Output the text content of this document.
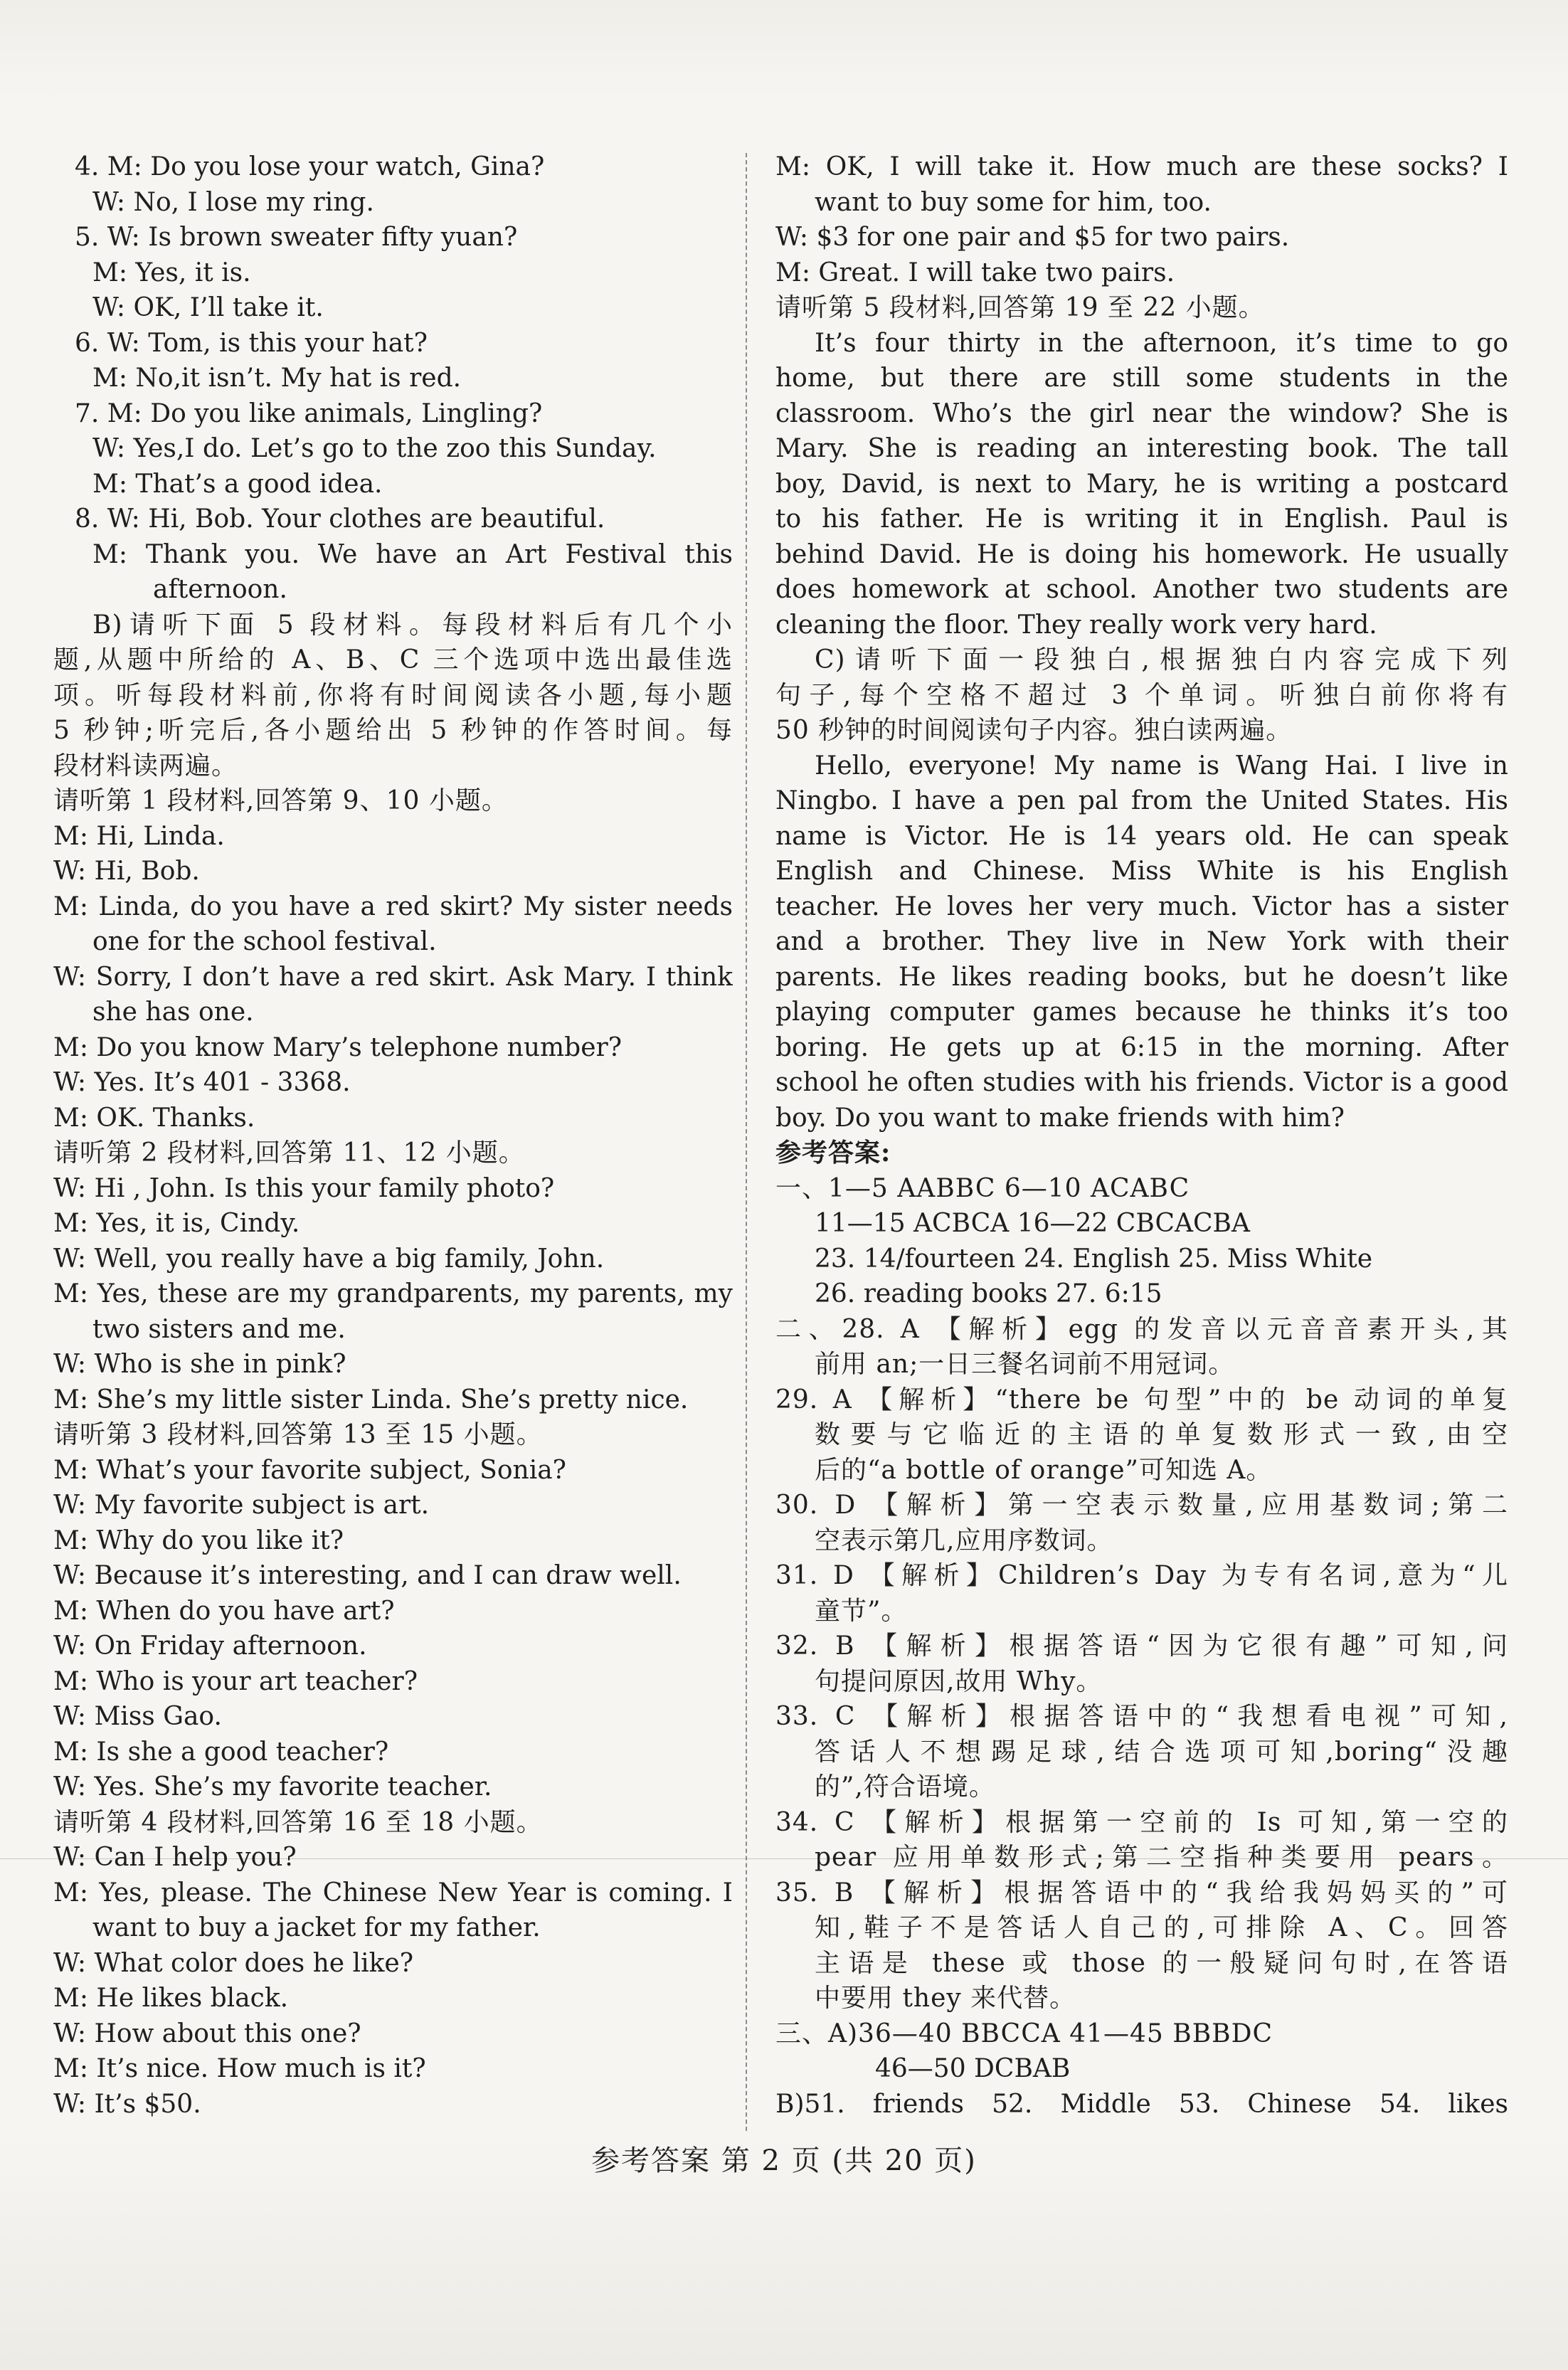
4. M: Do you lose your watch, Gina?
W: No, I lose my ring.
5. W: Is brown sweater fifty yuan?
M: Yes, it is.
W: OK, I’ll take it.
6. W: Tom, is this your hat?
M: No,it isn’t. My hat is red.
7. M: Do you like animals, Lingling?
W: Yes,I do. Let’s go to the zoo this Sunday.
M: That’s a good idea.
8. W: Hi, Bob. Your clothes are beautiful.
M: Thank you. We have an Art Festival this
afternoon.
B)请听下面 5 段材料。每段材料后有几个小
题,从题中所给的 A、B、C 三个选项中选出最佳选
项。听每段材料前,你将有时间阅读各小题,每小题
5 秒钟;听完后,各小题给出 5 秒钟的作答时间。每
段材料读两遍。
请听第 1 段材料,回答第 9、10 小题。
M: Hi, Linda.
W: Hi, Bob.
M: Linda, do you have a red skirt? My sister needs
one for the school festival.
W: Sorry, I don’t have a red skirt. Ask Mary. I think
she has one.
M: Do you know Mary’s telephone number?
W: Yes. It’s 401 - 3368.
M: OK. Thanks.
请听第 2 段材料,回答第 11、12 小题。
W: Hi , John. Is this your family photo?
M: Yes, it is, Cindy.
W: Well, you really have a big family, John.
M: Yes, these are my grandparents, my parents, my
two sisters and me.
W: Who is she in pink?
M: She’s my little sister Linda. She’s pretty nice.
请听第 3 段材料,回答第 13 至 15 小题。
M: What’s your favorite subject, Sonia?
W: My favorite subject is art.
M: Why do you like it?
W: Because it’s interesting, and I can draw well.
M: When do you have art?
W: On Friday afternoon.
M: Who is your art teacher?
W: Miss Gao.
M: Is she a good teacher?
W: Yes. She’s my favorite teacher.
请听第 4 段材料,回答第 16 至 18 小题。
W: Can I help you?
M: Yes, please. The Chinese New Year is coming. I
want to buy a jacket for my father.
W: What color does he like?
M: He likes black.
W: How about this one?
M: It’s nice. How much is it?
W: It’s $50.
M: OK, I will take it. How much are these socks? I
want to buy some for him, too.
W: $3 for one pair and $5 for two pairs.
M: Great. I will take two pairs.
请听第 5 段材料,回答第 19 至 22 小题。
It’s four thirty in the afternoon, it’s time to go
home, but there are still some students in the
classroom. Who’s the girl near the window? She is
Mary. She is reading an interesting book. The tall
boy, David, is next to Mary, he is writing a postcard
to his father. He is writing it in English. Paul is
behind David. He is doing his homework. He usually
does homework at school. Another two students are
cleaning the floor. They really work very hard.
C)请听下面一段独白,根据独白内容完成下列
句子,每个空格不超过 3 个单词。听独白前你将有
50 秒钟的时间阅读句子内容。独白读两遍。
Hello, everyone! My name is Wang Hai. I live in
Ningbo. I have a pen pal from the United States. His
name is Victor. He is 14 years old. He can speak
English and Chinese. Miss White is his English
teacher. He loves her very much. Victor has a sister
and a brother. They live in New York with their
parents. He likes reading books, but he doesn’t like
playing computer games because he thinks it’s too
boring. He gets up at 6:15 in the morning. After
school he often studies with his friends. Victor is a good
boy. Do you want to make friends with him?
参考答案:
一、1—5 AABBC 6—10 ACABC
11—15 ACBCA 16—22 CBCACBA
23. 14/fourteen 24. English 25. Miss White
26. reading books 27. 6:15
二、28. A 【解析】egg 的发音以元音音素开头,其
前用 an;一日三餐名词前不用冠词。
29. A 【解析】“there be 句型”中的 be 动词的单复
数要与它临近的主语的单复数形式一致,由空
后的“a bottle of orange”可知选 A。
30. D 【解析】第一空表示数量,应用基数词;第二
空表示第几,应用序数词。
31. D 【解析】Children’s Day 为专有名词,意为“儿
童节”。
32. B 【解析】根据答语“因为它很有趣”可知,问
句提问原因,故用 Why。
33. C 【解析】根据答语中的“我想看电视”可知,
答话人不想踢足球,结合选项可知,boring“没趣
的”,符合语境。
34. C 【解析】根据第一空前的 Is 可知,第一空的
pear 应用单数形式;第二空指种类要用 pears。
35. B 【解析】根据答语中的“我给我妈妈买的”可
知,鞋子不是答话人自己的,可排除 A、C。回答
主语是 these 或 those 的一般疑问句时,在答语
中要用 they 来代替。
三、A)36—40 BBCCA 41—45 BBBDC
46—50 DCBAB
B)51. friends 52. Middle 53. Chinese 54. likes
参考答案 第 2 页 (共 20 页)
